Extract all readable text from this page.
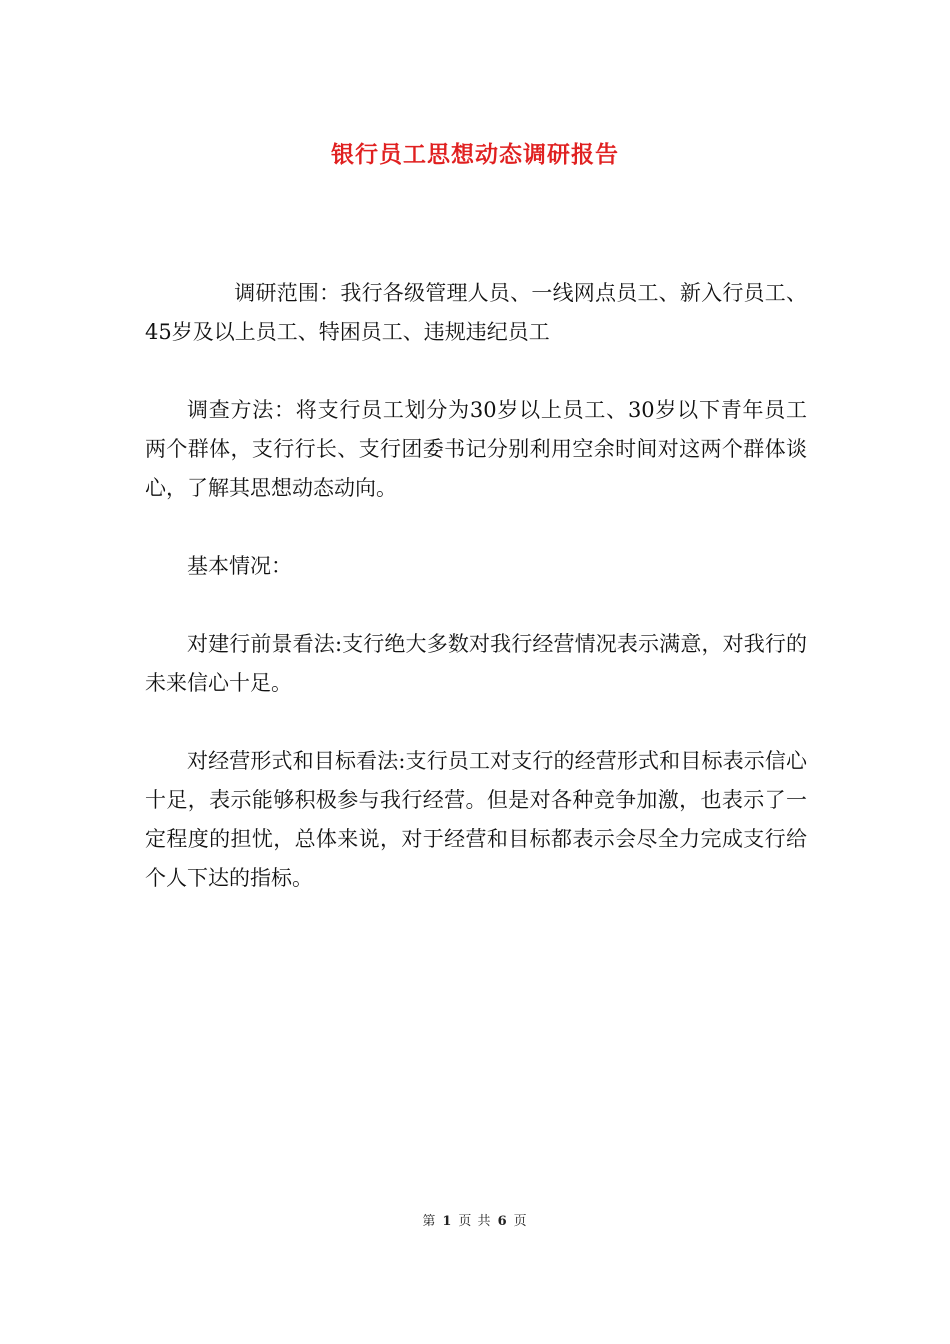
银行员工思想动态调研报告

调研范围：我行各级管理人员、一线网点员工、新入行员工、45岁及以上员工、特困员工、违规违纪员工

调查方法：将支行员工划分为30岁以上员工、30岁以下青年员工两个群体，支行行长、支行团委书记分别利用空余时间对这两个群体谈心，了解其思想动态动向。

基本情况：

对建行前景看法:支行绝大多数对我行经营情况表示满意，对我行的未来信心十足。

对经营形式和目标看法:支行员工对支行的经营形式和目标表示信心十足，表示能够积极参与我行经营。但是对各种竞争加激，也表示了一定程度的担忧，总体来说，对于经营和目标都表示会尽全力完成支行给个人下达的指标。

第 1 页 共 6 页
